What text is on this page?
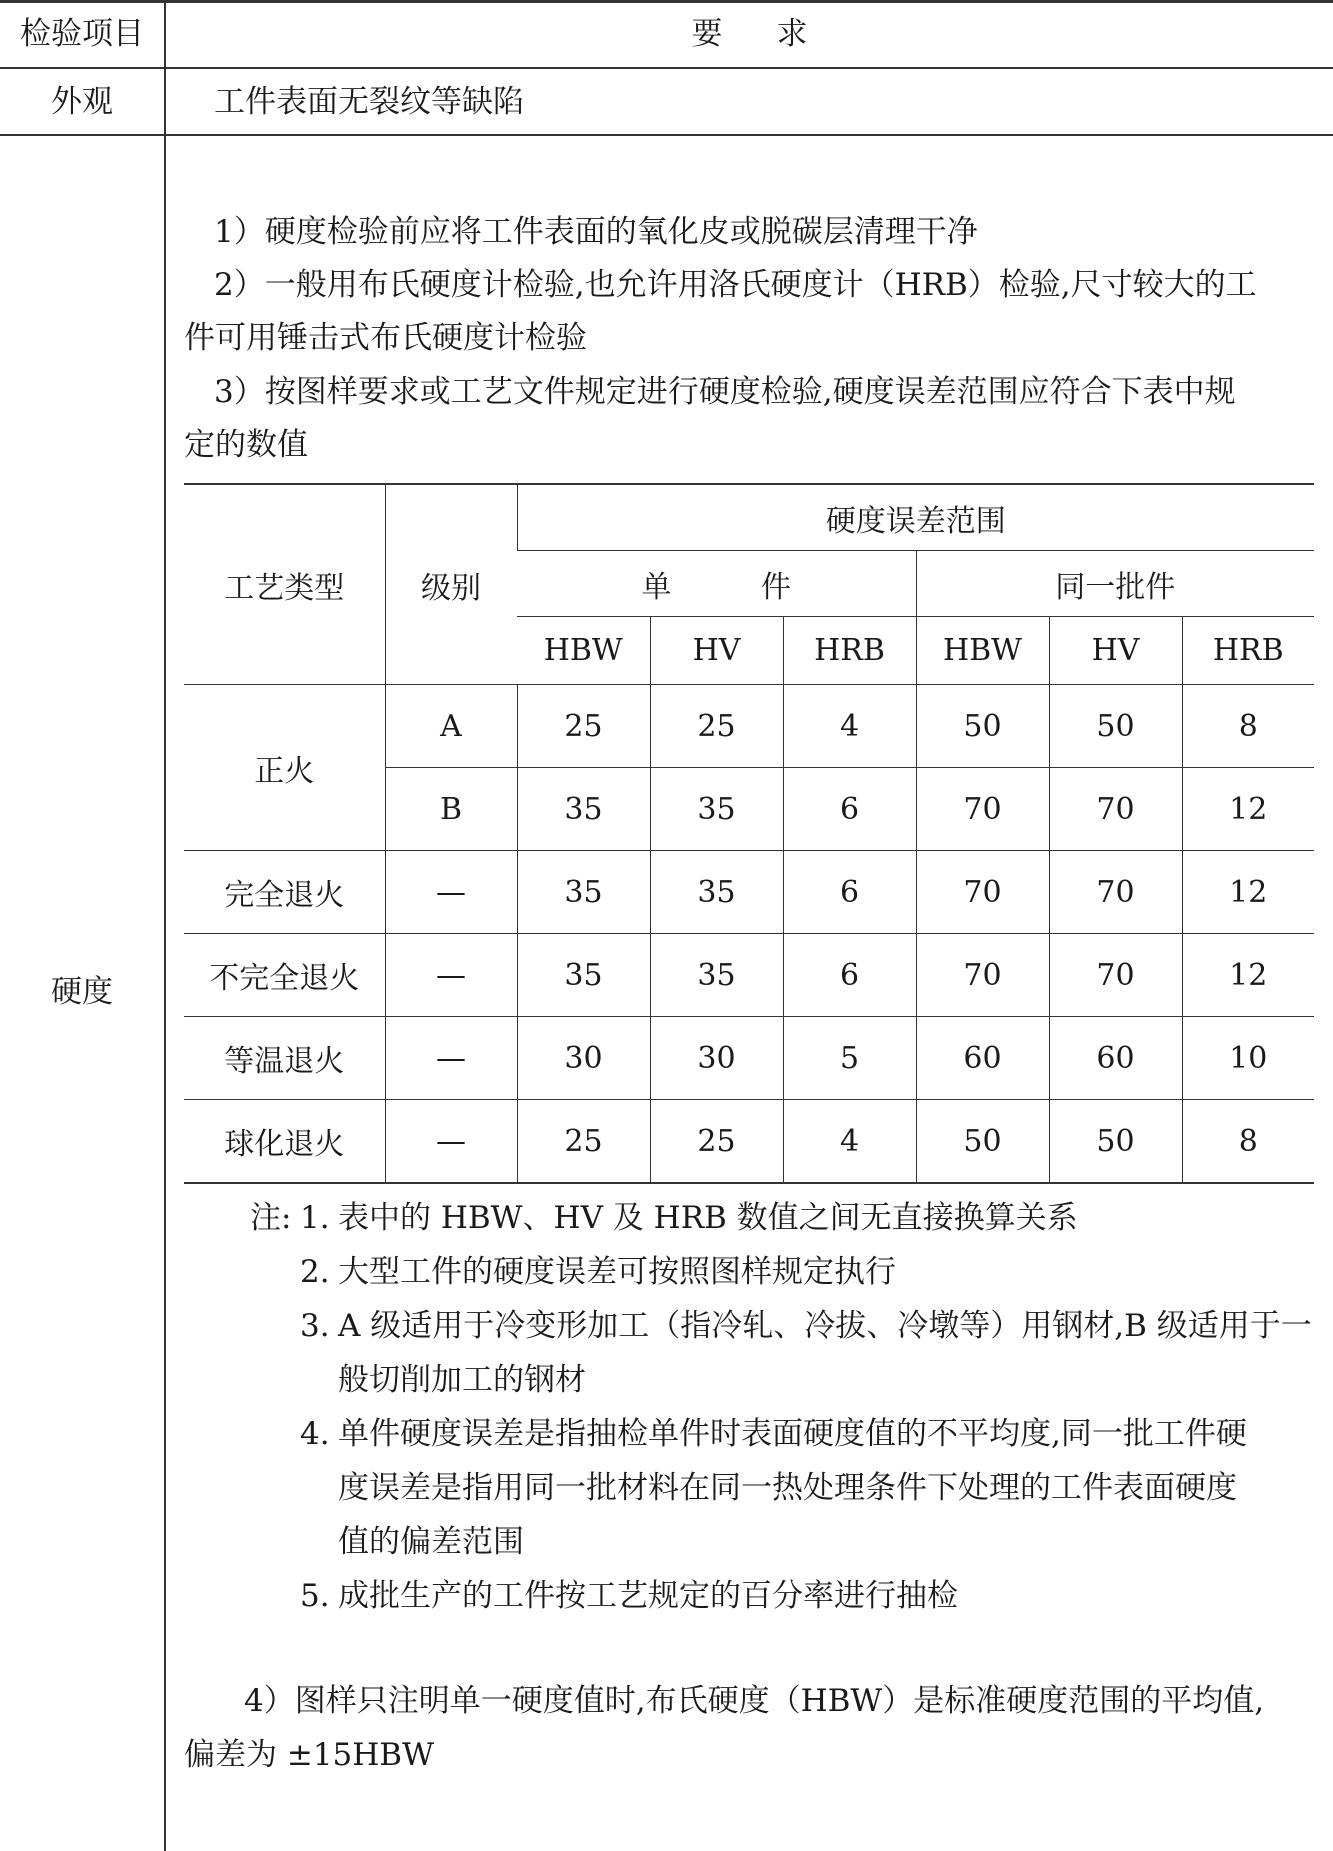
检验项目	要求
外观	工件表面无裂纹等缺陷
硬度
1）硬度检验前应将工件表面的氧化皮或脱碳层清理干净
2）一般用布氏硬度计检验,也允许用洛氏硬度计（HRB）检验,尺寸较大的工
件可用锤击式布氏硬度计检验
3）按图样要求或工艺文件规定进行硬度检验,硬度误差范围应符合下表中规
定的数值
工艺类型	级别	硬度误差范围					
		单 件			同一批件		
		HBW	HV	HRB	HBW	HV	HRB
正火	A	25	25	4	50	50	8
	B	35	35	6	70	70	12
完全退火	—	35	35	6	70	70	12
不完全退火	—	35	35	6	70	70	12
等温退火	—	30	30	5	60	60	10
球化退火	—	25	25	4	50	50	8
注: 1. 表中的 HBW、HV 及 HRB 数值之间无直接换算关系
2. 大型工件的硬度误差可按照图样规定执行
3. A 级适用于冷变形加工（指冷轧、冷拔、冷墩等）用钢材,B 级适用于一
般切削加工的钢材
4. 单件硬度误差是指抽检单件时表面硬度值的不平均度,同一批工件硬
度误差是指用同一批材料在同一热处理条件下处理的工件表面硬度
值的偏差范围
5. 成批生产的工件按工艺规定的百分率进行抽检
4）图样只注明单一硬度值时,布氏硬度（HBW）是标准硬度范围的平均值,
偏差为 ±15HBW
